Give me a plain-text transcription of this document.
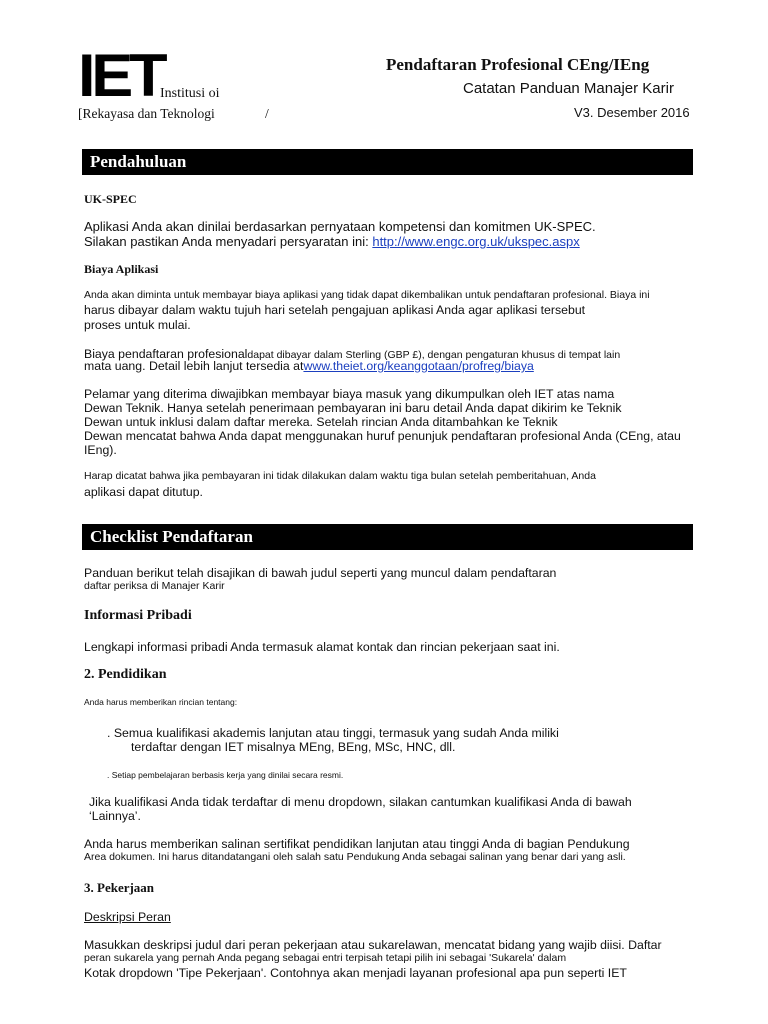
IET
Institusi oi
[Rekayasa dan Teknologi	/
Pendaftaran Profesional CEng/IEng
Catatan Panduan Manajer Karir
V3. Desember 2016
Pendahuluan
UK-SPEC
Aplikasi Anda akan dinilai berdasarkan pernyataan kompetensi dan komitmen UK-SPEC.
Silakan pastikan Anda menyadari persyaratan ini: http://www.engc.org.uk/ukspec.aspx
Biaya Aplikasi
Anda akan diminta untuk membayar biaya aplikasi yang tidak dapat dikembalikan untuk pendaftaran profesional. Biaya ini
harus dibayar dalam waktu tujuh hari setelah pengajuan aplikasi Anda agar aplikasi tersebut
proses untuk mulai.
Biaya pendaftaran profesionaldapat dibayar dalam Sterling (GBP £), dengan pengaturan khusus di tempat lain
mata uang. Detail lebih lanjut tersedia atwww.theiet.org/keanggotaan/profreg/biaya
Pelamar yang diterima diwajibkan membayar biaya masuk yang dikumpulkan oleh IET atas nama
Dewan Teknik. Hanya setelah penerimaan pembayaran ini baru detail Anda dapat dikirim ke Teknik
Dewan untuk inklusi dalam daftar mereka. Setelah rincian Anda ditambahkan ke Teknik
Dewan mencatat bahwa Anda dapat menggunakan huruf penunjuk pendaftaran profesional Anda (CEng, atau
IEng).
Harap dicatat bahwa jika pembayaran ini tidak dilakukan dalam waktu tiga bulan setelah pemberitahuan, Anda
aplikasi dapat ditutup.
Checklist Pendaftaran
Panduan berikut telah disajikan di bawah judul seperti yang muncul dalam pendaftaran
daftar periksa di Manajer Karir
Informasi Pribadi
Lengkapi informasi pribadi Anda termasuk alamat kontak dan rincian pekerjaan saat ini.
2. Pendidikan
Anda harus memberikan rincian tentang:
. Semua kualifikasi akademis lanjutan atau tinggi, termasuk yang sudah Anda miliki
terdaftar dengan IET misalnya MEng, BEng, MSc, HNC, dll.
. Setiap pembelajaran berbasis kerja yang dinilai secara resmi.
Jika kualifikasi Anda tidak terdaftar di menu dropdown, silakan cantumkan kualifikasi Anda di bawah
‘Lainnya’.
Anda harus memberikan salinan sertifikat pendidikan lanjutan atau tinggi Anda di bagian Pendukung
Area dokumen. Ini harus ditandatangani oleh salah satu Pendukung Anda sebagai salinan yang benar dari yang asli.
3. Pekerjaan
Deskripsi Peran
Masukkan deskripsi judul dari peran pekerjaan atau sukarelawan, mencatat bidang yang wajib diisi. Daftar
peran sukarela yang pernah Anda pegang sebagai entri terpisah tetapi pilih ini sebagai 'Sukarela' dalam
Kotak dropdown 'Tipe Pekerjaan'. Contohnya akan menjadi layanan profesional apa pun seperti IET
